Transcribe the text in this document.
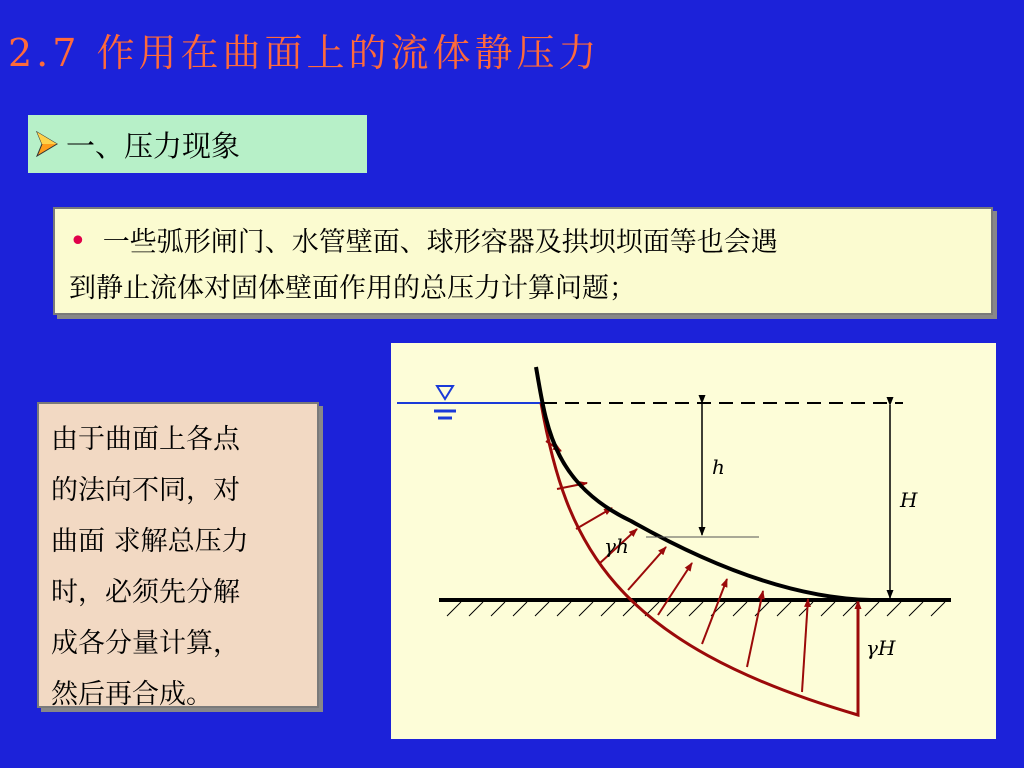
2.7 作用在曲面上的流体静压力
一、压力现象
• 一些弧形闸门、水管壁面、球形容器及拱坝坝面等也会遇
到静止流体对固体壁面作用的总压力计算问题；
由于曲面上各点
的法向不同，对
曲面 求解总压力
时，必须先分解
成各分量计算，
然后再合成。
h
H
γh
γH
